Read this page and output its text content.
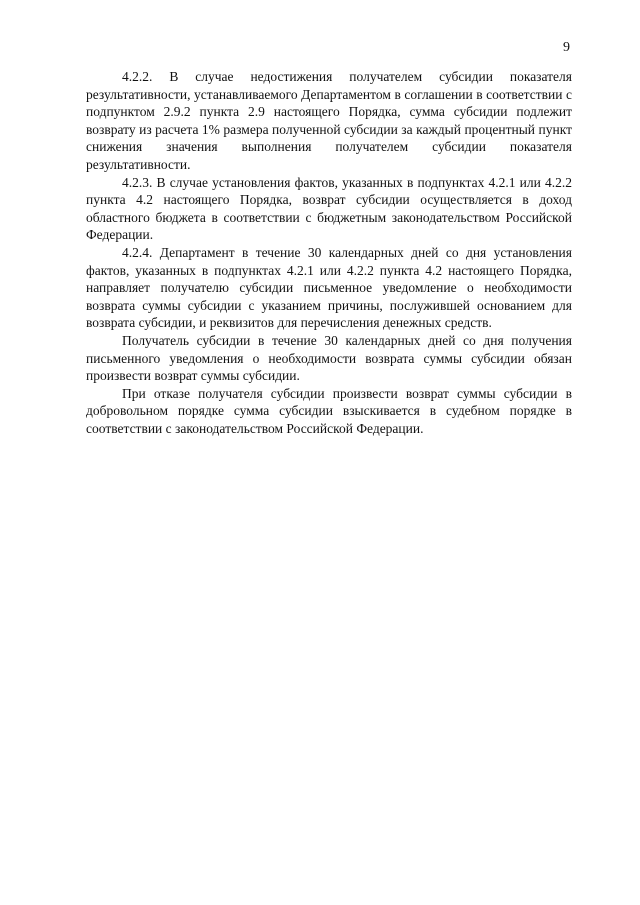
9

4.2.2. В случае недостижения получателем субсидии показателя результативности, устанавливаемого Департаментом в соглашении в соответствии с подпунктом 2.9.2 пункта 2.9 настоящего Порядка, сумма субсидии подлежит возврату из расчета 1% размера полученной субсидии за каждый процентный пункт снижения значения выполнения получателем субсидии показателя результативности.

4.2.3. В случае установления фактов, указанных в подпунктах 4.2.1 или 4.2.2 пункта 4.2 настоящего Порядка, возврат субсидии осуществляется в доход областного бюджета в соответствии с бюджетным законодательством Российской Федерации.

4.2.4. Департамент в течение 30 календарных дней со дня установления фактов, указанных в подпунктах 4.2.1 или 4.2.2 пункта 4.2 настоящего Порядка, направляет получателю субсидии письменное уведомление о необходимости возврата суммы субсидии с указанием причины, послужившей основанием для возврата субсидии, и реквизитов для перечисления денежных средств.

Получатель субсидии в течение 30 календарных дней со дня получения письменного уведомления о необходимости возврата суммы субсидии обязан произвести возврат суммы субсидии.

При отказе получателя субсидии произвести возврат суммы субсидии в добровольном порядке сумма субсидии взыскивается в судебном порядке в соответствии с законодательством Российской Федерации.
